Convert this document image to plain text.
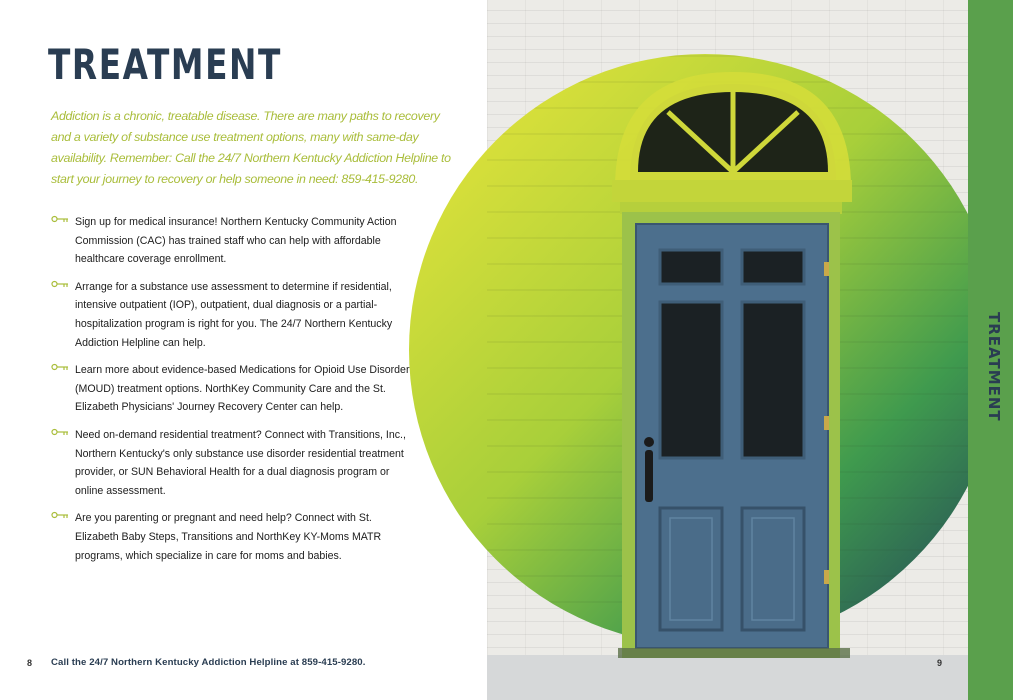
TREATMENT

Addiction is a chronic, treatable disease. There are many paths to recovery and a variety of substance use treatment options, many with same-day availability. Remember: Call the 24/7 Northern Kentucky Addiction Helpline to start your journey to recovery or help someone in need: 859-415-9280.

Sign up for medical insurance! Northern Kentucky Community Action Commission (CAC) has trained staff who can help with affordable healthcare coverage enrollment.
Arrange for a substance use assessment to determine if residential, intensive outpatient (IOP), outpatient, dual diagnosis or a partial-hospitalization program is right for you. The 24/7 Northern Kentucky Addiction Helpline can help.
Learn more about evidence-based Medications for Opioid Use Disorder (MOUD) treatment options. NorthKey Community Care and the St. Elizabeth Physicians' Journey Recovery Center can help.
Need on-demand residential treatment? Connect with Transitions, Inc., Northern Kentucky's only substance use disorder residential treatment provider, or SUN Behavioral Health for a dual diagnosis program or online assessment.
Are you parenting or pregnant and need help? Connect with St. Elizabeth Baby Steps, Transitions and NorthKey KY-Moms MATR programs, which specialize in care for moms and babies.
8 Call the 24/7 Northern Kentucky Addiction Helpline at 859-415-9280.	9
TREATMENT
